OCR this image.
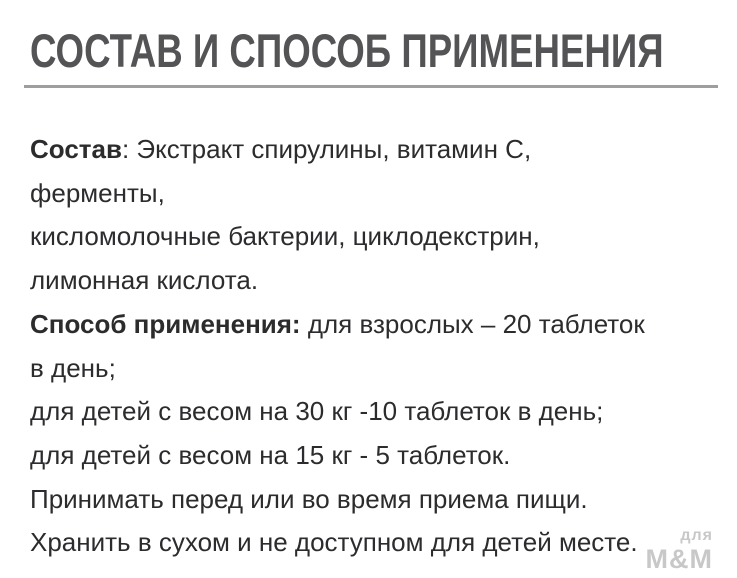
СОСТАВ И СПОСОБ ПРИМЕНЕНИЯ
для
М&М
Состав: Экстракт спирулины, витамин С,
ферменты,
кисломолочные бактерии, циклодекстрин,
лимонная кислота.
Способ применения: для взрослых – 20 таблеток
в день;
для детей с весом на 30 кг -10 таблеток в день;
для детей с весом на 15 кг - 5 таблеток.
Принимать перед или во время приема пищи.
Хранить в сухом и не доступном для детей месте.
